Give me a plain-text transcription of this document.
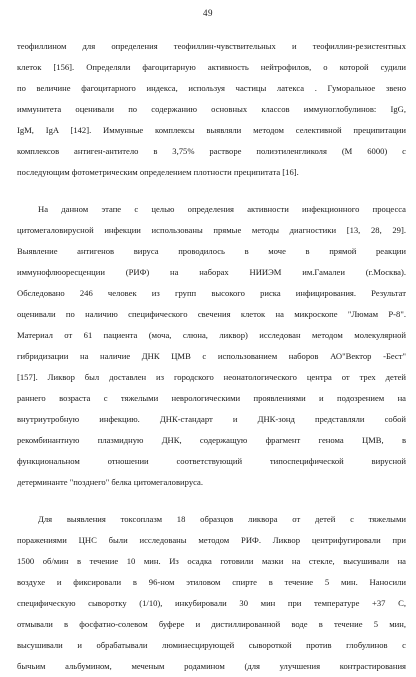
49
теофиллином для определения теофиллин-чувствительных и теофиллин-резистентных
клеток [156]. Определяли фагоцитарную активность нейтрофилов, о которой судили
по величине фагоцитарного индекса, используя частицы латекса . Гуморальное звено
иммунитета оценивали по содержанию основных классов иммуноглобулинов: IgG,
IgM, IgA [142]. Иммунные комплексы выявляли методом селективной преципитации
комплексов антиген-антитело в 3,75% растворе полиэтиленгликоля (М 6000) с
последующим фотометрическим определением плотности преципитата [16].
На данном этапе с целью определения активности инфекционного процесса
цитомегаловирусной инфекции использованы прямые методы диагностики [13, 28, 29].
Выявление антигенов вируса проводилось в моче в прямой реакции
иммунофлюоресценции (РИФ) на наборах НИИЭМ им.Гамалеи (г.Москва).
Обследовано 246 человек из групп высокого риска инфицирования. Результат
оценивали по наличию специфического свечения клеток на микроскопе "Люмам Р-8".
Материал от 61 пациента (моча, слюна, ликвор) исследован методом молекулярной
гибридизации на наличие ДНК ЦМВ с использованием наборов АО"Вектор -Бест"
[157]. Ликвор был доставлен из городского неонатологического центра от трех детей
раннего возраста с тяжелыми неврологическими проявлениями и подозрением на
внутриутробную инфекцию. ДНК-стандарт и ДНК-зонд представляли собой
рекомбинантную плазмидную ДНК, содержащую фрагмент генома ЦМВ, в
функциональном отношении соответствующий типоспецифической вирусной
детерминанте "позднего" белка цитомегаловируса.
Для выявления токсоплазм 18 образцов ликвора от детей с тяжелыми
поражениями ЦНС были исследованы методом РИФ. Ликвор центрифугировали при
1500 об/мин в течение 10 мин. Из осадка готовили мазки на стекле, высушивали на
воздухе и фиксировали в 96-ном этиловом спирте в течение 5 мин. Наносили
специфическую сыворотку (1/10), инкубировали 30 мин при температуре +37 С,
отмывали в фосфатно-солевом буфере и дистиллированной воде в течение 5 мин,
высушивали и обрабатывали люминесцирующей сывороткой против глобулинов с
бычьим альбумином, меченым родамином (для улучшения контрастирования
